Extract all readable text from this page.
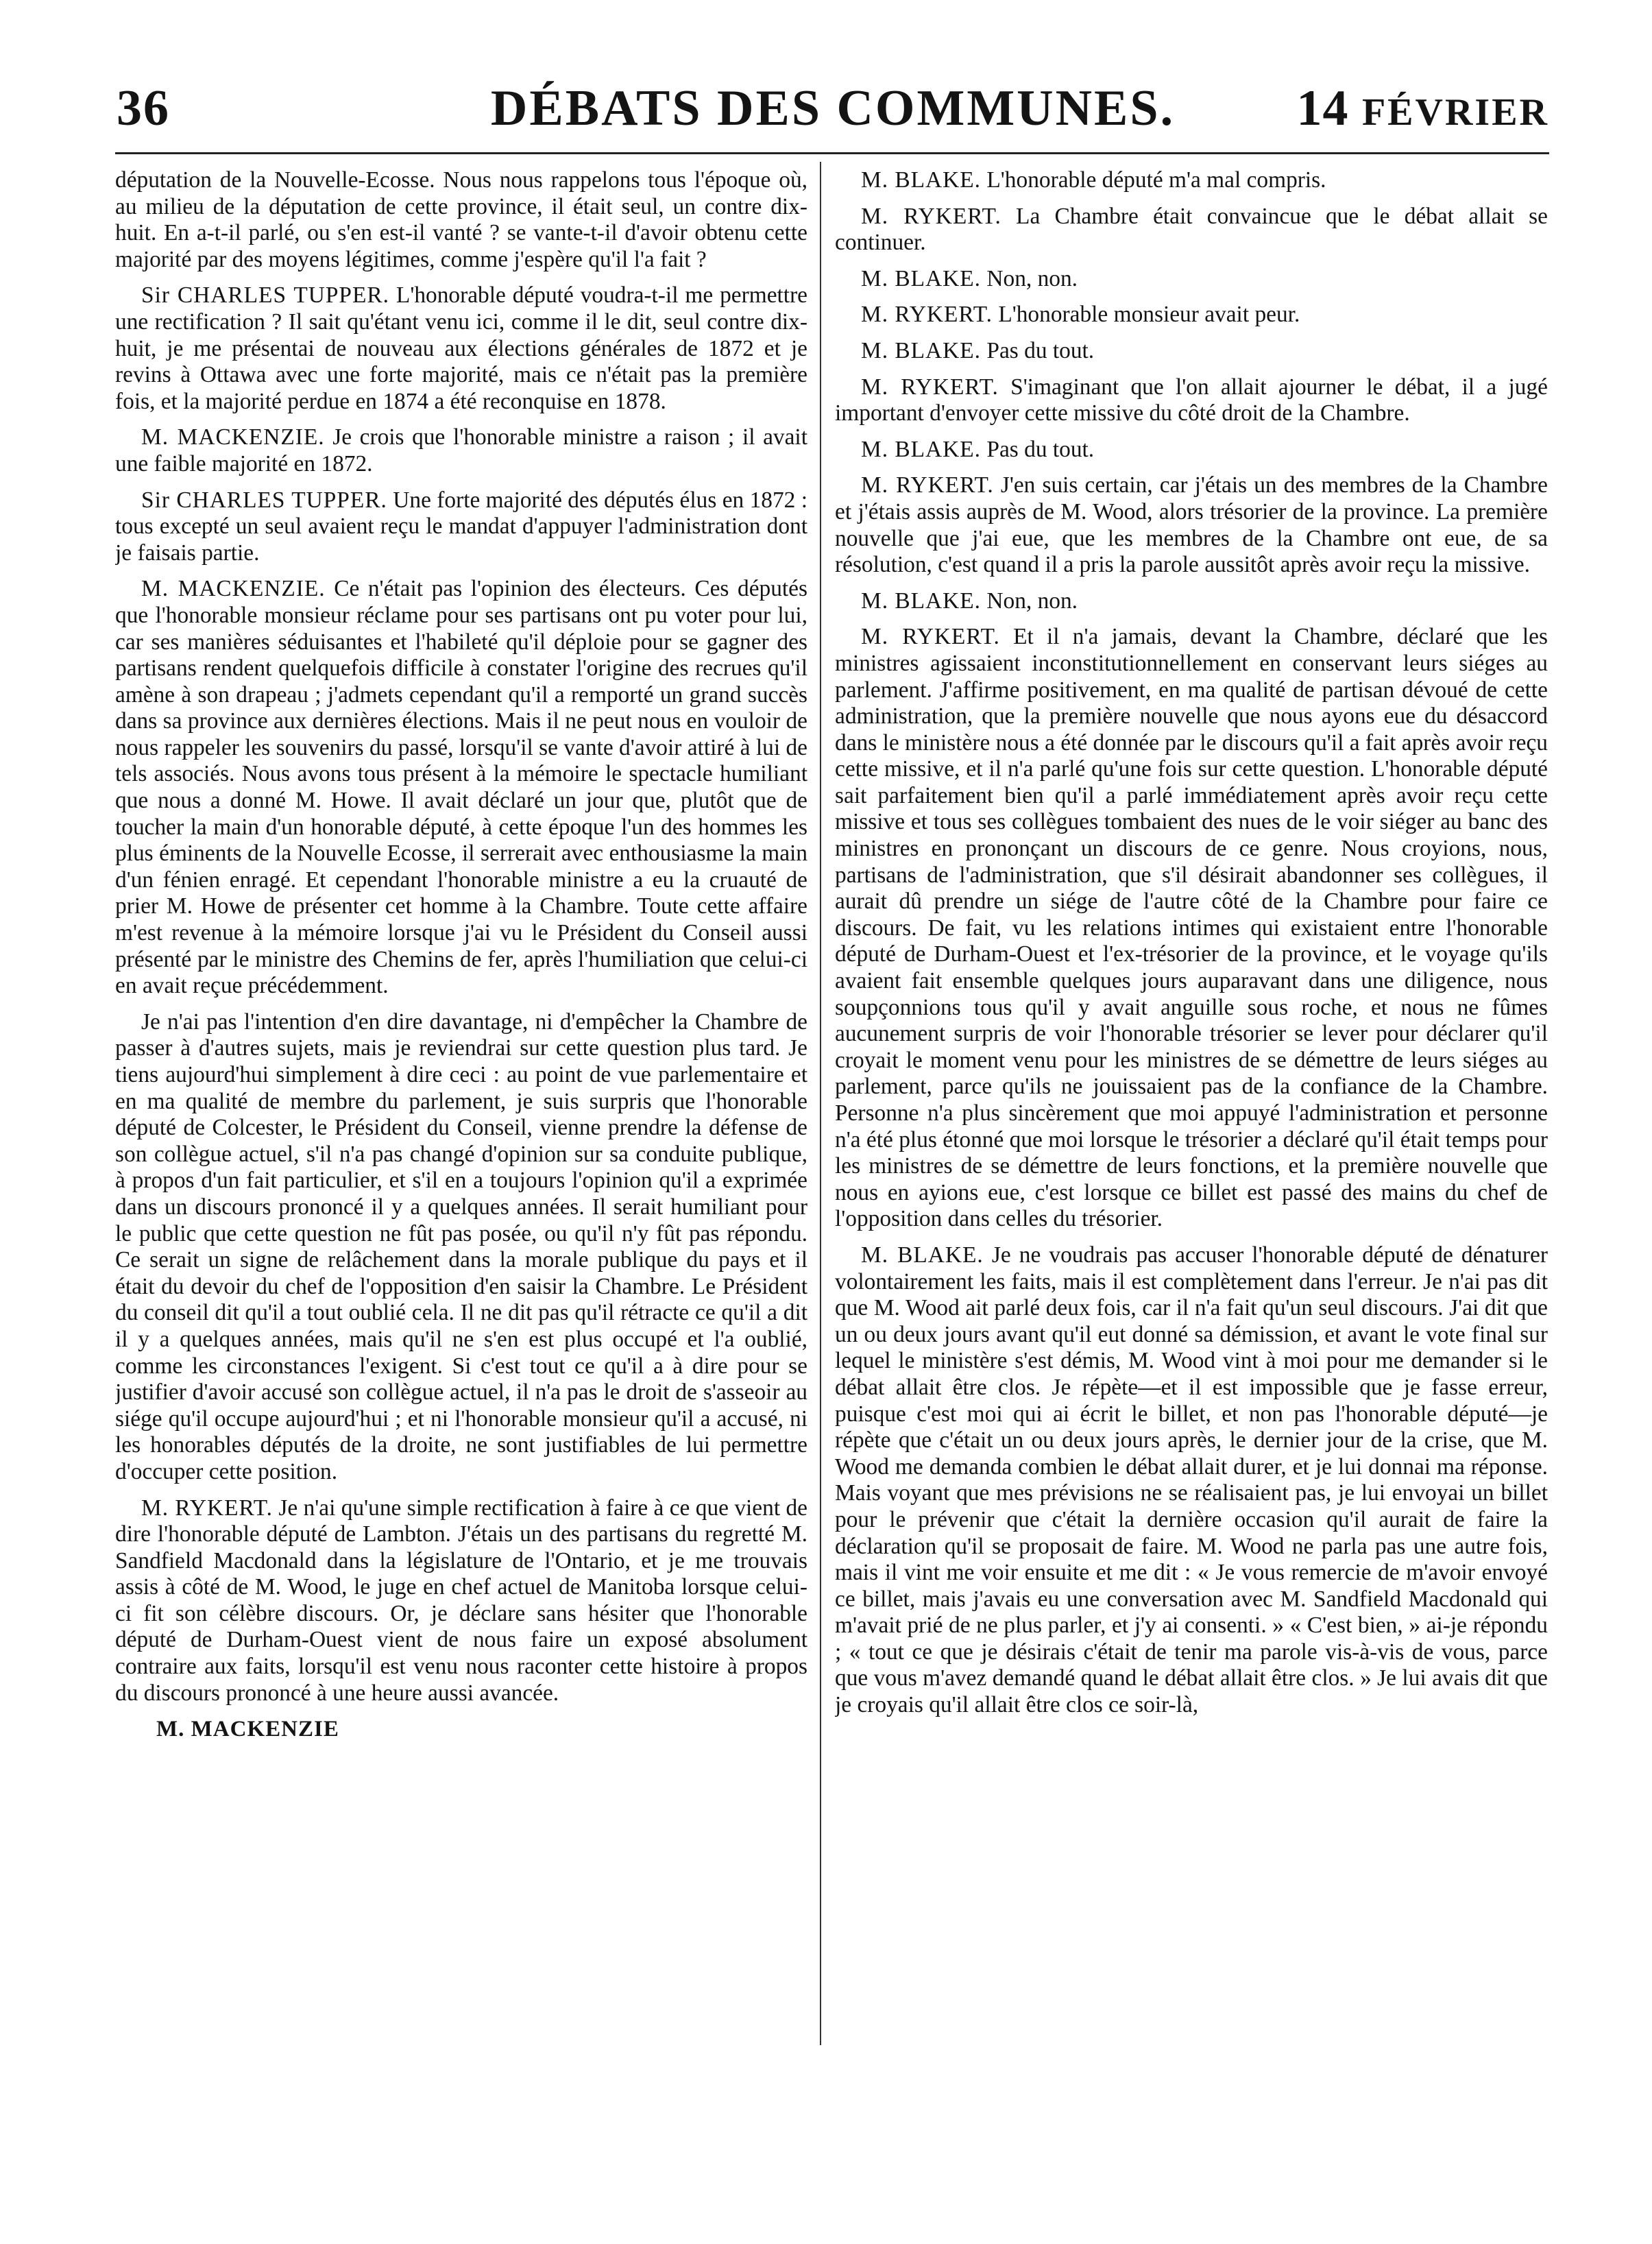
36	DÉBATS DES COMMUNES.	14 FÉVRIER

députation de la Nouvelle-Ecosse. Nous nous rappelons tous l'époque où, au milieu de la députation de cette province, il était seul, un contre dix-huit. En a-t-il parlé, ou s'en est-il vanté ? se vante-t-il d'avoir obtenu cette majorité par des moyens légitimes, comme j'espère qu'il l'a fait ?

Sir CHARLES TUPPER. L'honorable député voudra-t-il me permettre une rectification ? Il sait qu'étant venu ici, comme il le dit, seul contre dix-huit, je me présentai de nouveau aux élections générales de 1872 et je revins à Ottawa avec une forte majorité, mais ce n'était pas la première fois, et la majorité perdue en 1874 a été reconquise en 1878.

M. MACKENZIE. Je crois que l'honorable ministre a raison ; il avait une faible majorité en 1872.

Sir CHARLES TUPPER. Une forte majorité des députés élus en 1872 : tous excepté un seul avaient reçu le mandat d'appuyer l'administration dont je faisais partie.

M. MACKENZIE. Ce n'était pas l'opinion des électeurs. Ces députés que l'honorable monsieur réclame pour ses partisans ont pu voter pour lui, car ses manières séduisantes et l'habileté qu'il déploie pour se gagner des partisans rendent quelquefois difficile à constater l'origine des recrues qu'il amène à son drapeau ; j'admets cependant qu'il a remporté un grand succès dans sa province aux dernières élections. Mais il ne peut nous en vouloir de nous rappeler les souvenirs du passé, lorsqu'il se vante d'avoir attiré à lui de tels associés. Nous avons tous présent à la mémoire le spectacle humiliant que nous a donné M. Howe. Il avait déclaré un jour que, plutôt que de toucher la main d'un honorable député, à cette époque l'un des hommes les plus éminents de la Nouvelle Ecosse, il serrerait avec enthousiasme la main d'un fénien enragé. Et cependant l'honorable ministre a eu la cruauté de prier M. Howe de présenter cet homme à la Chambre. Toute cette affaire m'est revenue à la mémoire lorsque j'ai vu le Président du Conseil aussi présenté par le ministre des Chemins de fer, après l'humiliation que celui-ci en avait reçue précédemment.

Je n'ai pas l'intention d'en dire davantage, ni d'empêcher la Chambre de passer à d'autres sujets, mais je reviendrai sur cette question plus tard. Je tiens aujourd'hui simplement à dire ceci : au point de vue parlementaire et en ma qualité de membre du parlement, je suis surpris que l'honorable député de Colcester, le Président du Conseil, vienne prendre la défense de son collègue actuel, s'il n'a pas changé d'opinion sur sa conduite publique, à propos d'un fait particulier, et s'il en a toujours l'opinion qu'il a exprimée dans un discours prononcé il y a quelques années. Il serait humiliant pour le public que cette question ne fût pas posée, ou qu'il n'y fût pas répondu. Ce serait un signe de relâchement dans la morale publique du pays et il était du devoir du chef de l'opposition d'en saisir la Chambre. Le Président du conseil dit qu'il a tout oublié cela. Il ne dit pas qu'il rétracte ce qu'il a dit il y a quelques années, mais qu'il ne s'en est plus occupé et l'a oublié, comme les circonstances l'exigent. Si c'est tout ce qu'il a à dire pour se justifier d'avoir accusé son collègue actuel, il n'a pas le droit de s'asseoir au siége qu'il occupe aujourd'hui ; et ni l'honorable monsieur qu'il a accusé, ni les honorables députés de la droite, ne sont justifiables de lui permettre d'occuper cette position.

M. RYKERT. Je n'ai qu'une simple rectification à faire à ce que vient de dire l'honorable député de Lambton. J'étais un des partisans du regretté M. Sandfield Macdonald dans la législature de l'Ontario, et je me trouvais assis à côté de M. Wood, le juge en chef actuel de Manitoba lorsque celui-ci fit son célèbre discours. Or, je déclare sans hésiter que l'honorable député de Durham-Ouest vient de nous faire un exposé absolument contraire aux faits, lorsqu'il est venu nous raconter cette histoire à propos du discours prononcé à une heure aussi avancée.

M. MACKENZIE

M. BLAKE. L'honorable député m'a mal compris.

M. RYKERT. La Chambre était convaincue que le débat allait se continuer.

M. BLAKE. Non, non.

M. RYKERT. L'honorable monsieur avait peur.

M. BLAKE. Pas du tout.

M. RYKERT. S'imaginant que l'on allait ajourner le débat, il a jugé important d'envoyer cette missive du côté droit de la Chambre.

M. BLAKE. Pas du tout.

M. RYKERT. J'en suis certain, car j'étais un des membres de la Chambre et j'étais assis auprès de M. Wood, alors trésorier de la province. La première nouvelle que j'ai eue, que les membres de la Chambre ont eue, de sa résolution, c'est quand il a pris la parole aussitôt après avoir reçu la missive.

M. BLAKE. Non, non.

M. RYKERT. Et il n'a jamais, devant la Chambre, déclaré que les ministres agissaient inconstitutionnellement en conservant leurs siéges au parlement. J'affirme positivement, en ma qualité de partisan dévoué de cette administration, que la première nouvelle que nous ayons eue du désaccord dans le ministère nous a été donnée par le discours qu'il a fait après avoir reçu cette missive, et il n'a parlé qu'une fois sur cette question. L'honorable député sait parfaitement bien qu'il a parlé immédiatement après avoir reçu cette missive et tous ses collègues tombaient des nues de le voir siéger au banc des ministres en prononçant un discours de ce genre. Nous croyions, nous, partisans de l'administration, que s'il désirait abandonner ses collègues, il aurait dû prendre un siége de l'autre côté de la Chambre pour faire ce discours. De fait, vu les relations intimes qui existaient entre l'honorable député de Durham-Ouest et l'ex-trésorier de la province, et le voyage qu'ils avaient fait ensemble quelques jours auparavant dans une diligence, nous soupçonnions tous qu'il y avait anguille sous roche, et nous ne fûmes aucunement surpris de voir l'honorable trésorier se lever pour déclarer qu'il croyait le moment venu pour les ministres de se démettre de leurs siéges au parlement, parce qu'ils ne jouissaient pas de la confiance de la Chambre. Personne n'a plus sincèrement que moi appuyé l'administration et personne n'a été plus étonné que moi lorsque le trésorier a déclaré qu'il était temps pour les ministres de se démettre de leurs fonctions, et la première nouvelle que nous en ayions eue, c'est lorsque ce billet est passé des mains du chef de l'opposition dans celles du trésorier.

M. BLAKE. Je ne voudrais pas accuser l'honorable député de dénaturer volontairement les faits, mais il est complètement dans l'erreur. Je n'ai pas dit que M. Wood ait parlé deux fois, car il n'a fait qu'un seul discours. J'ai dit que un ou deux jours avant qu'il eut donné sa démission, et avant le vote final sur lequel le ministère s'est démis, M. Wood vint à moi pour me demander si le débat allait être clos. Je répète—et il est impossible que je fasse erreur, puisque c'est moi qui ai écrit le billet, et non pas l'honorable député—je répète que c'était un ou deux jours après, le dernier jour de la crise, que M. Wood me demanda combien le débat allait durer, et je lui donnai ma réponse. Mais voyant que mes prévisions ne se réalisaient pas, je lui envoyai un billet pour le prévenir que c'était la dernière occasion qu'il aurait de faire la déclaration qu'il se proposait de faire. M. Wood ne parla pas une autre fois, mais il vint me voir ensuite et me dit : « Je vous remercie de m'avoir envoyé ce billet, mais j'avais eu une conversation avec M. Sandfield Macdonald qui m'avait prié de ne plus parler, et j'y ai consenti. » « C'est bien, » ai-je répondu ; « tout ce que je désirais c'était de tenir ma parole vis-à-vis de vous, parce que vous m'avez demandé quand le débat allait être clos. » Je lui avais dit que je croyais qu'il allait être clos ce soir-là,
